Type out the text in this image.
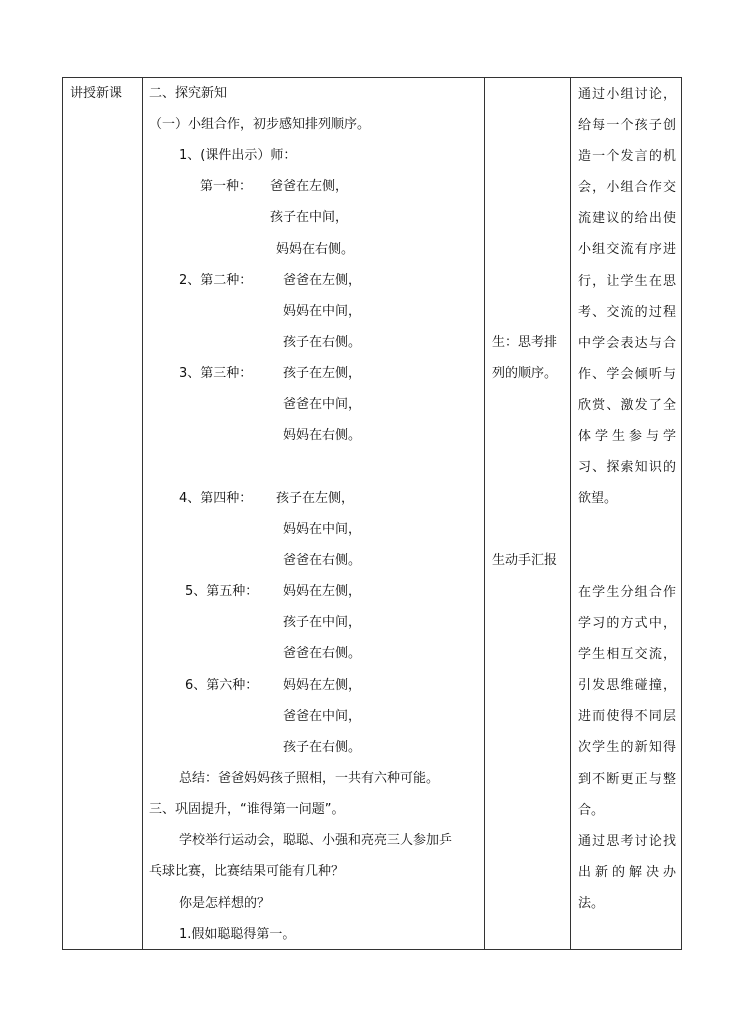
讲授新课 二、探究新知
（一）小组合作，初步感知排列顺序。
1、(课件出示）师：
第一种： 爸爸在左侧，
孩子在中间，
妈妈在右侧。
2、第二种： 爸爸在左侧，
妈妈在中间，
孩子在右侧。
3、第三种： 孩子在左侧，
爸爸在中间，
妈妈在右侧。
4、第四种： 孩子在左侧，
妈妈在中间，
爸爸在右侧。
5、第五种： 妈妈在左侧，
孩子在中间，
爸爸在右侧。
6、第六种： 妈妈在左侧，
爸爸在中间，
孩子在右侧。
总结：爸爸妈妈孩子照相，一共有六种可能。
三、巩固提升，“谁得第一问题”。
学校举行运动会，聪聪、小强和亮亮三人参加乒
乓球比赛，比赛结果可能有几种？
你是怎样想的？
1.假如聪聪得第一。
生：思考排
列的顺序。
生动手汇报
通过小组讨论，给每一个孩子创造一个发言的机会，小组合作交流建议的给出使小组交流有序进行，让学生在思考、交流的过程中学会表达与合作、学会倾听与欣赏、激发了全体学生参与学习、探索知识的欲望。
在学生分组合作学习的方式中，学生相互交流，引发思维碰撞，进而使得不同层次学生的新知得到不断更正与整合。
通过思考讨论找出新的解决办法。
